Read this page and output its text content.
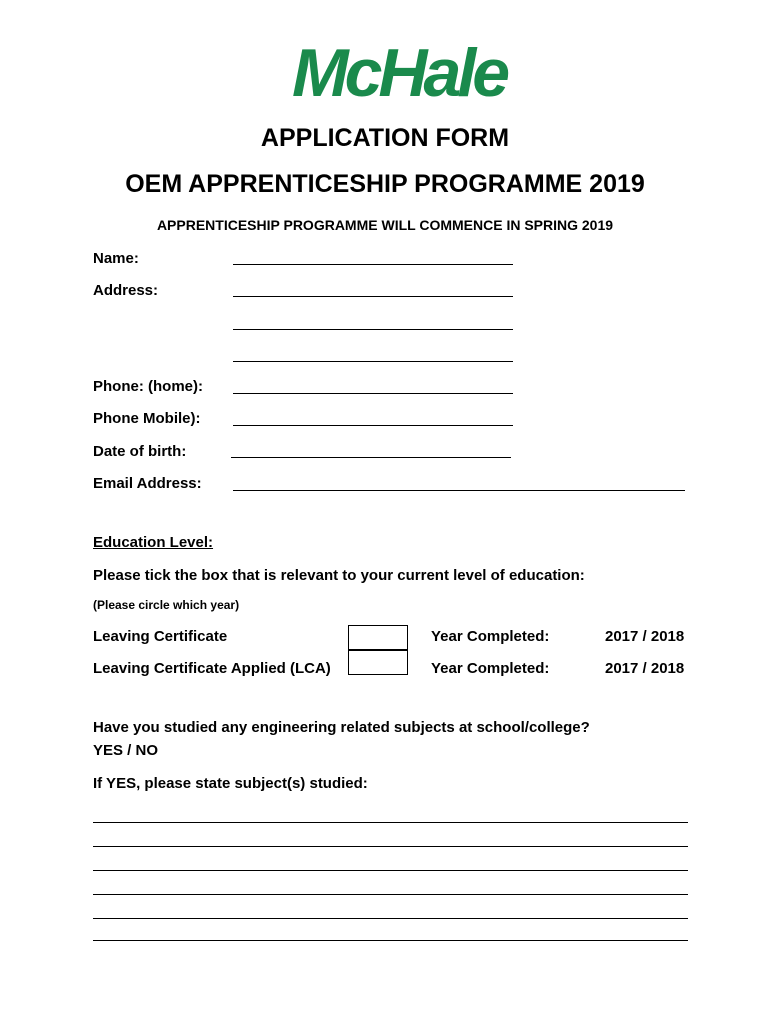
McHale
APPLICATION FORM
OEM APPRENTICESHIP PROGRAMME 2019
APPRENTICESHIP PROGRAMME WILL COMMENCE IN SPRING 2019
Name:
Address:
Phone: (home):
Phone Mobile):
Date of birth:
Email Address:
Education Level:
Please tick the box that is relevant to your current level of education:
(Please circle which year)
Leaving Certificate	Year Completed:	2017 / 2018
Leaving Certificate Applied (LCA)	Year Completed:	2017 / 2018
Have you studied any engineering related subjects at school/college?
YES / NO
If YES, please state subject(s) studied:
